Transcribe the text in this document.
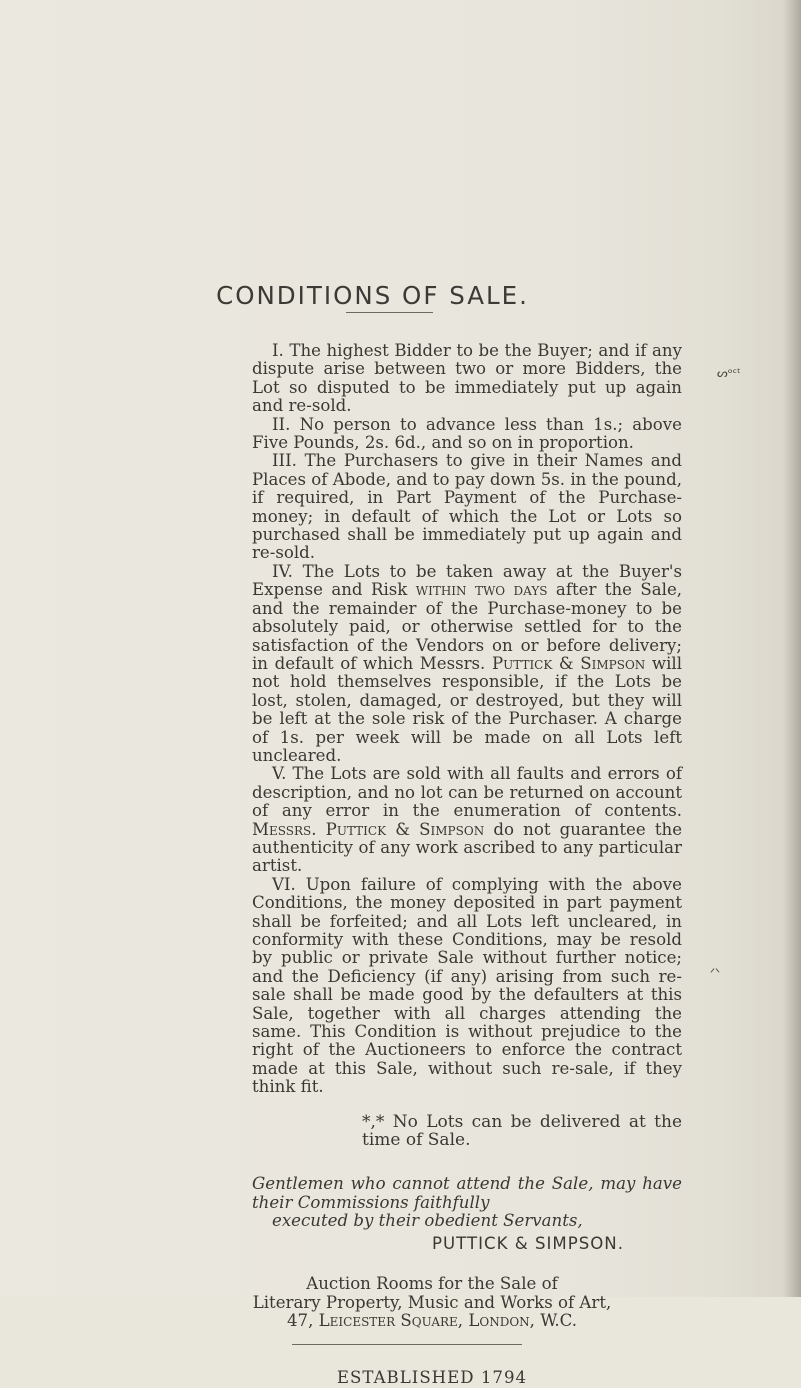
CONDITIONS OF SALE.

I. The highest Bidder to be the Buyer; and if any dispute arise between two or more Bidders, the Lot so disputed to be immediately put up again and re-sold.

II. No person to advance less than 1s.; above Five Pounds, 2s. 6d., and so on in proportion.

III. The Purchasers to give in their Names and Places of Abode, and to pay down 5s. in the pound, if required, in Part Payment of the Purchase-money; in default of which the Lot or Lots so purchased shall be immediately put up again and re-sold.

IV. The Lots to be taken away at the Buyer's Expense and Risk within two days after the Sale, and the remainder of the Purchase-money to be absolutely paid, or otherwise settled for to the satisfaction of the Vendors on or before delivery; in default of which Messrs. Puttick & Simpson will not hold themselves responsible, if the Lots be lost, stolen, damaged, or destroyed, but they will be left at the sole risk of the Purchaser. A charge of 1s. per week will be made on all Lots left uncleared.

V. The Lots are sold with all faults and errors of description, and no lot can be returned on account of any error in the enumeration of contents. Messrs. Puttick & Simpson do not guarantee the authenticity of any work ascribed to any particular artist.

VI. Upon failure of complying with the above Conditions, the money deposited in part payment shall be forfeited; and all Lots left uncleared, in conformity with these Conditions, may be resold by public or private Sale without further notice; and the Deficiency (if any) arising from such re-sale shall be made good by the defaulters at this Sale, together with all charges attending the same. This Condition is without prejudice to the right of the Auctioneers to enforce the contract made at this Sale, without such re-sale, if they think fit.

*,* No Lots can be delivered at the time of Sale.

Gentlemen who cannot attend the Sale, may have their Commissions faithfully
executed by their obedient Servants,

PUTTICK & SIMPSON.

Auction Rooms for the Sale of
Literary Property, Music and Works of Art,
47, Leicester Square, London, W.C.

ESTABLISHED 1794

ᔕᵒᶜᵗ
ᐟᐠ
